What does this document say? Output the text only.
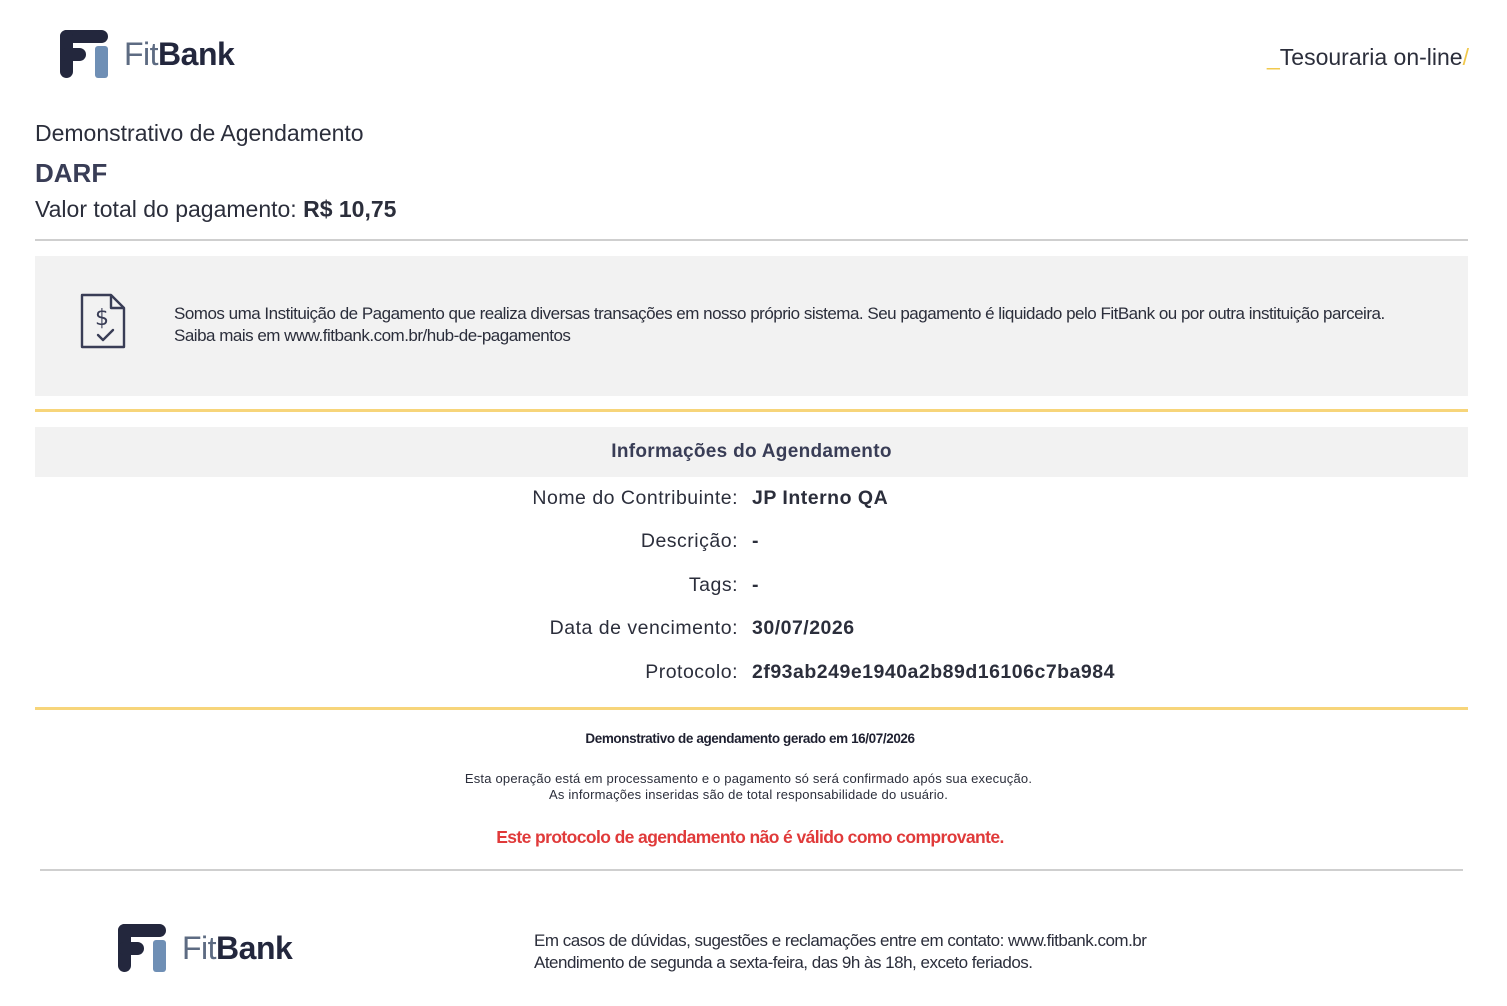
FitBank	_Tesouraria on-line/
Demonstrativo de Agendamento
DARF
Valor total do pagamento: R$ 10,75
$	Somos uma Instituição de Pagamento que realiza diversas transações em nosso próprio sistema. Seu pagamento é liquidado pelo FitBank ou por outra instituição parceira.
Saiba mais em www.fitbank.com.br/hub-de-pagamentos
Informações do Agendamento
Nome do Contribuinte: JP Interno QA
Descrição: -
Tags: -
Data de vencimento: 30/07/2026
Protocolo: 2f93ab249e1940a2b89d16106c7ba984
Demonstrativo de agendamento gerado em 16/07/2026
Esta operação está em processamento e o pagamento só será confirmado após sua execução.
As informações inseridas são de total responsabilidade do usuário.
Este protocolo de agendamento não é válido como comprovante.
FitBank	Em casos de dúvidas, sugestões e reclamações entre em contato: www.fitbank.com.br
Atendimento de segunda a sexta-feira, das 9h às 18h, exceto feriados.
